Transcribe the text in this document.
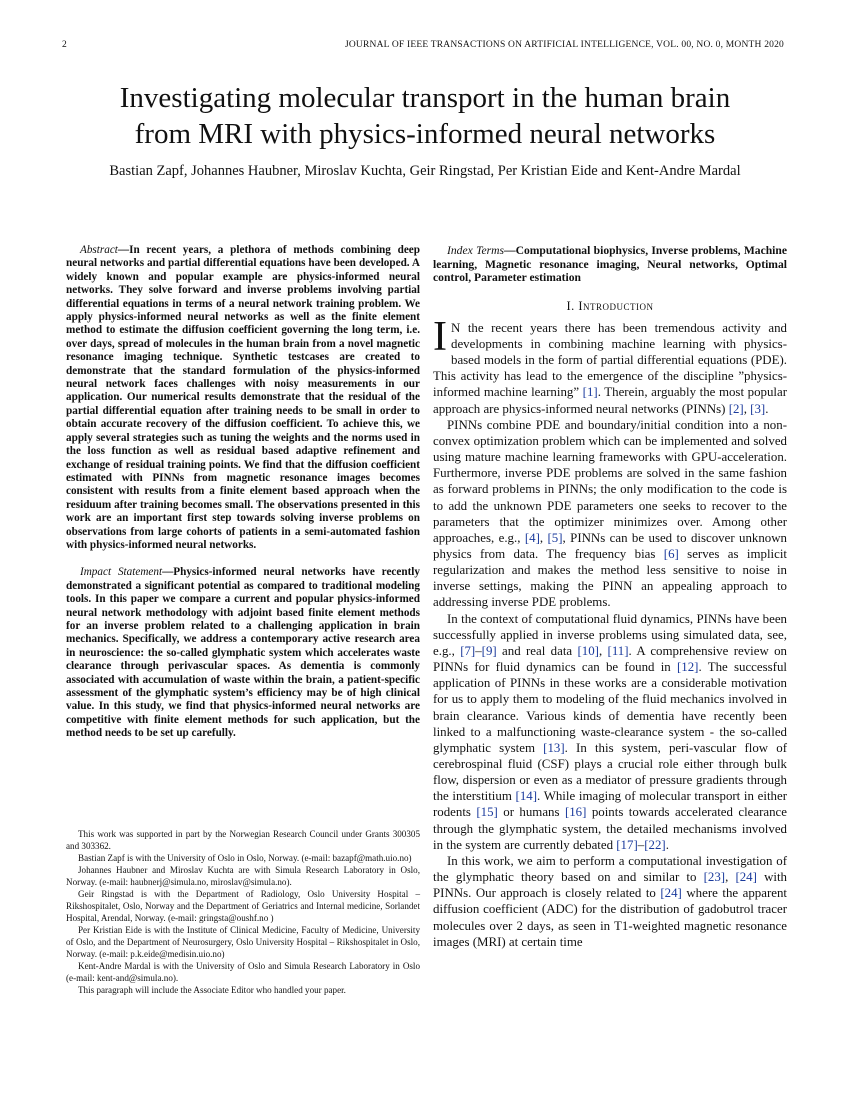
2	JOURNAL OF IEEE TRANSACTIONS ON ARTIFICIAL INTELLIGENCE, VOL. 00, NO. 0, MONTH 2020
Investigating molecular transport in the human brain
from MRI with physics-informed neural networks
Bastian Zapf, Johannes Haubner, Miroslav Kuchta, Geir Ringstad, Per Kristian Eide and Kent-Andre Mardal

Abstract—In recent years, a plethora of methods combining deep neural networks and partial differential equations have been developed. A widely known and popular example are physics-informed neural networks. They solve forward and inverse problems involving partial differential equations in terms of a neural network training problem. We apply physics-informed neural networks as well as the finite element method to estimate the diffusion coefficient governing the long term, i.e. over days, spread of molecules in the human brain from a novel magnetic resonance imaging technique. Synthetic testcases are created to demonstrate that the standard formulation of the physics-informed neural network faces challenges with noisy measurements in our application. Our numerical results demonstrate that the residual of the partial differential equation after training needs to be small in order to obtain accurate recovery of the diffusion coefficient. To achieve this, we apply several strategies such as tuning the weights and the norms used in the loss function as well as residual based adaptive refinement and exchange of residual training points. We find that the diffusion coefficient estimated with PINNs from magnetic resonance images becomes consistent with results from a finite element based approach when the residuum after training becomes small. The observations presented in this work are an important first step towards solving inverse problems on observations from large cohorts of patients in a semi-automated fashion with physics-informed neural networks.

Impact Statement—Physics-informed neural networks have recently demonstrated a significant potential as compared to traditional modeling tools. In this paper we compare a current and popular physics-informed neural network methodology with adjoint based finite element methods for an inverse problem related to a challenging application in brain mechanics. Specifically, we address a contemporary active research area in neuroscience: the so-called glymphatic system which accelerates waste clearance through perivascular spaces. As dementia is commonly associated with accumulation of waste within the brain, a patient-specific assessment of the glymphatic system’s efficiency may be of high clinical value. In this study, we find that physics-informed neural networks are competitive with finite element methods for such application, but the method needs to be set up carefully.

This work was supported in part by the Norwegian Research Council under Grants 300305 and 303362.

Bastian Zapf is with the University of Oslo in Oslo, Norway. (e-mail: bazapf@math.uio.no)

Johannes Haubner and Miroslav Kuchta are with Simula Research Laboratory in Oslo, Norway. (e-mail: haubnerj@simula.no, miroslav@simula.no).

Geir Ringstad is with the Department of Radiology, Oslo University Hospital – Rikshospitalet, Oslo, Norway and the Department of Geriatrics and Internal medicine, Sorlandet Hospital, Arendal, Norway. (e-mail: gringsta@oushf.no )

Per Kristian Eide is with the Institute of Clinical Medicine, Faculty of Medicine, University of Oslo, and the Department of Neurosurgery, Oslo University Hospital – Rikshospitalet in Oslo, Norway. (e-mail: p.k.eide@medisin.uio.no)

Kent-Andre Mardal is with the University of Oslo and Simula Research Laboratory in Oslo (e-mail: kent-and@simula.no).

This paragraph will include the Associate Editor who handled your paper.

Index Terms—Computational biophysics, Inverse problems, Machine learning, Magnetic resonance imaging, Neural networks, Optimal control, Parameter estimation

I. Introduction

I N the recent years there has been tremendous activity and developments in combining machine learning with physics-based models in the form of partial differential equations (PDE). This activity has lead to the emergence of the discipline ”physics-informed machine learning” [1]. Therein, arguably the most popular approach are physics-informed neural networks (PINNs) [2], [3].

PINNs combine PDE and boundary/initial condition into a non-convex optimization problem which can be implemented and solved using mature machine learning frameworks with GPU-acceleration. Furthermore, inverse PDE problems are solved in the same fashion as forward problems in PINNs; the only modification to the code is to add the unknown PDE parameters one seeks to recover to the parameters that the optimizer minimizes over. Among other approaches, e.g., [4], [5], PINNs can be used to discover unknown physics from data. The frequency bias [6] serves as implicit regularization and makes the method less sensitive to noise in inverse settings, making the PINN an appealing approach to addressing inverse PDE problems.

In the context of computational fluid dynamics, PINNs have been successfully applied in inverse problems using simulated data, see, e.g., [7]–[9] and real data [10], [11]. A comprehensive review on PINNs for fluid dynamics can be found in [12]. The successful application of PINNs in these works are a considerable motivation for us to apply them to modeling of the fluid mechanics involved in brain clearance. Various kinds of dementia have recently been linked to a malfunctioning waste-clearance system - the so-called glymphatic system [13]. In this system, peri-vascular flow of cerebrospinal fluid (CSF) plays a crucial role either through bulk flow, dispersion or even as a mediator of pressure gradients through the interstitium [14]. While imaging of molecular transport in either rodents [15] or humans [16] points towards accelerated clearance through the glymphatic system, the detailed mechanisms involved in the system are currently debated [17]–[22].

In this work, we aim to perform a computational investigation of the glymphatic theory based on and similar to [23], [24] with PINNs. Our approach is closely related to [24] where the apparent diffusion coefficient (ADC) for the distribution of gadobutrol tracer molecules over 2 days, as seen in T1-weighted magnetic resonance images (MRI) at certain time
